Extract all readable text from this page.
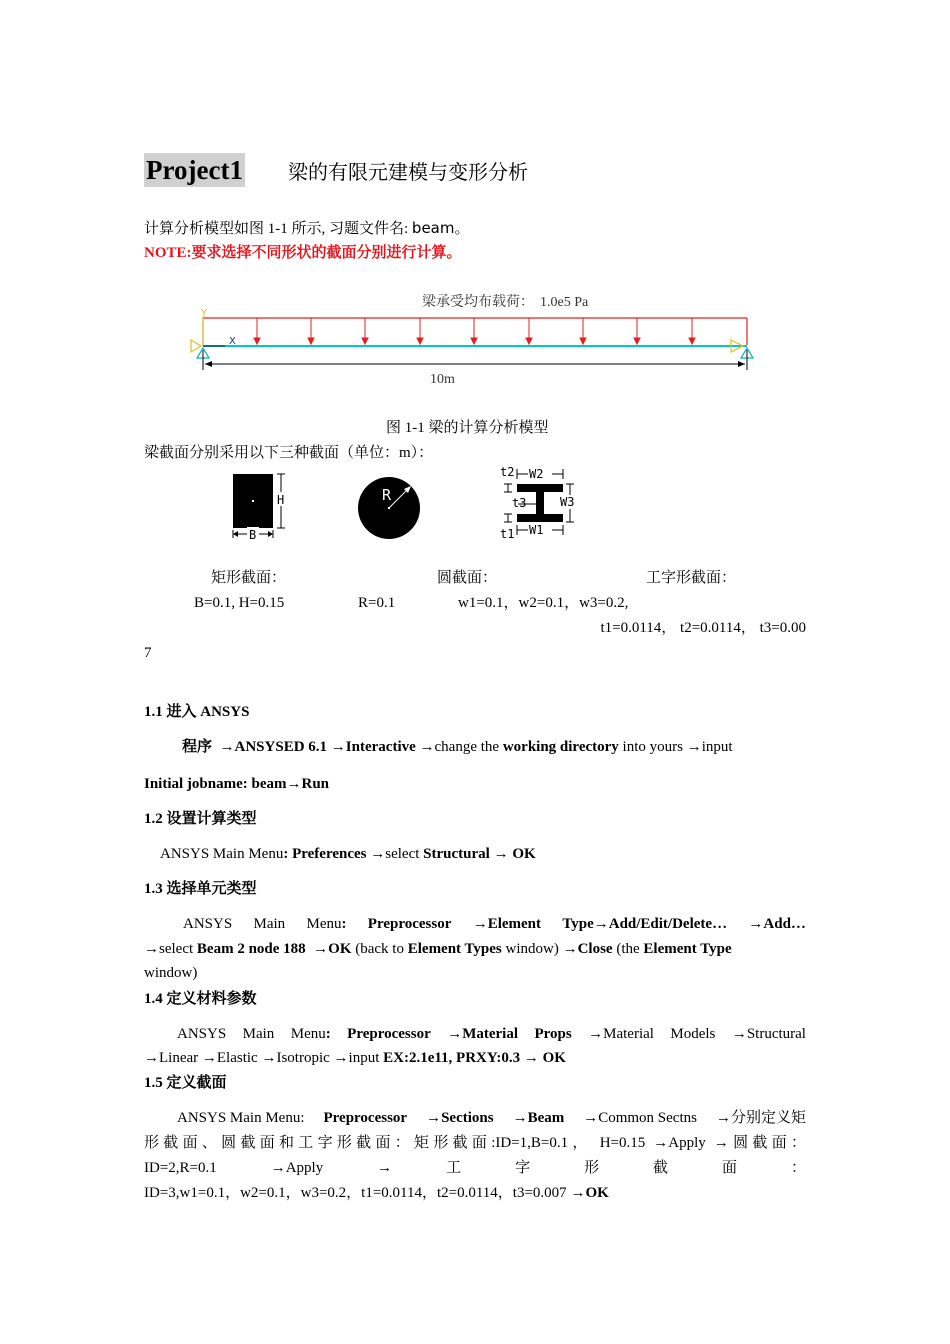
Project1 梁的有限元建模与变形分析
计算分析模型如图 1-1 所示, 习题文件名: beam。
NOTE:要求选择不同形状的截面分别进行计算。
梁承受均布载荷： 1.0e5 Pa
Y
X
10m
图 1-1 梁的计算分析模型
梁截面分别采用以下三种截面（单位：m）：
H
B
R
W2
W1
W3
t2
t3
t1
矩形截面：	圆截面：	工字形截面：
B=0.1, H=0.15	R=0.1	w1=0.1，w2=0.1，w3=0.2,
t1=0.0114， t2=0.0114， t3=0.00
7
1.1 进入 ANSYS
程序 →ANSYSED 6.1 →Interactive →change the working directory into yours →input
Initial jobname: beam→Run
1.2 设置计算类型
ANSYS Main Menu: Preferences →select Structural → OK
1.3 选择单元类型
ANSYS Main Menu: Preprocessor →Element Type→Add/Edit/Delete… →Add…
→select Beam 2 node 188  →OK (back to Element Types window) →Close (the Element Type
window)
1.4 定义材料参数
ANSYS Main Menu: Preprocessor →Material Props →Material Models →Structural
→Linear →Elastic →Isotropic →input EX:2.1e11, PRXY:0.3 → OK
1.5 定义截面
ANSYS Main Menu: Preprocessor →Sections →Beam →Common Sectns →分别定义矩
形截面、圆截面和工字形截面：矩形截面:ID=1,B=0.1， H=0.15 →Apply →圆截面：
ID=2,R=0.1	→Apply	→	工	字	形	截	面	：
ID=3,w1=0.1，w2=0.1，w3=0.2，t1=0.0114，t2=0.0114，t3=0.007 →OK
